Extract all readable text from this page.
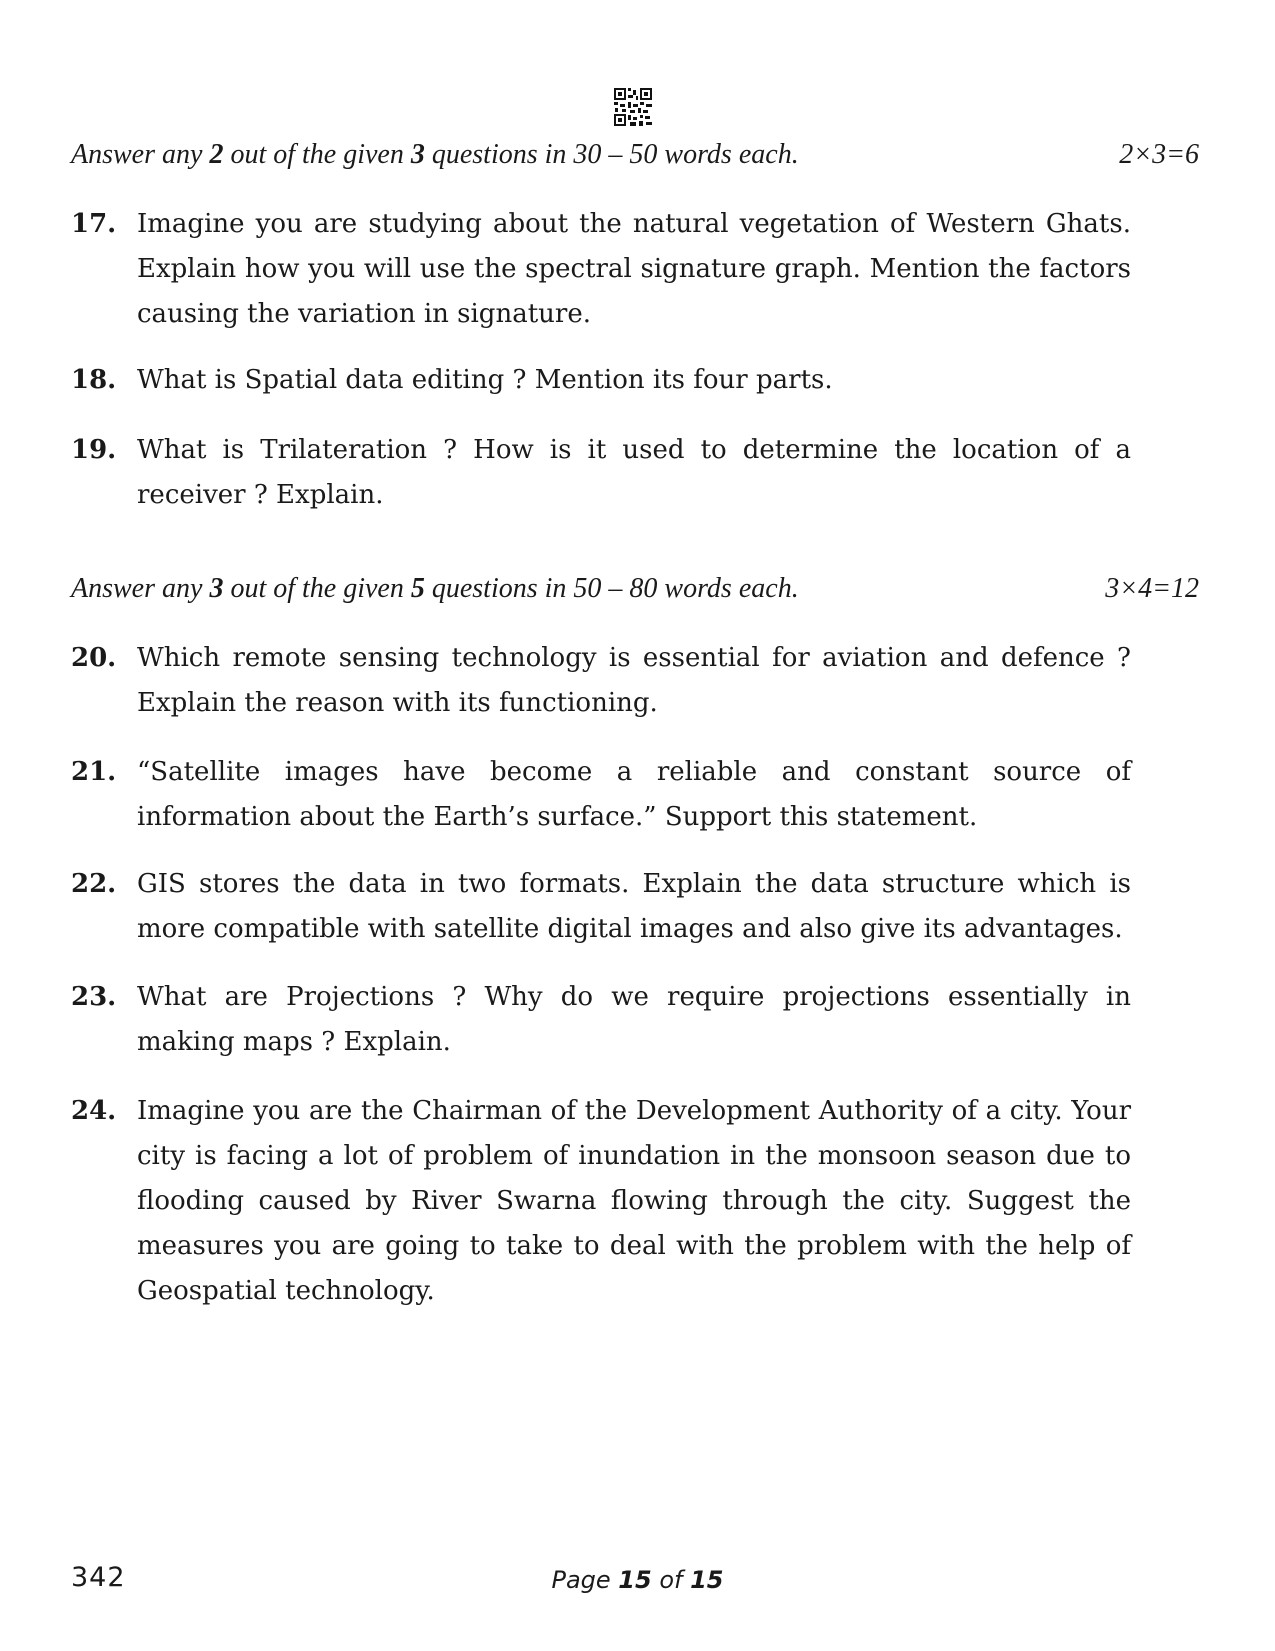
Answer any 2 out of the given 3 questions in 30 – 50 words each.	2×3=6
17. Imagine you are studying about the natural vegetation of Western Ghats. Explain how you will use the spectral signature graph. Mention the factors causing the variation in signature.
18. What is Spatial data editing ? Mention its four parts.
19. What is Trilateration ? How is it used to determine the location of a receiver ? Explain.
Answer any 3 out of the given 5 questions in 50 – 80 words each.	3×4=12
20. Which remote sensing technology is essential for aviation and defence ? Explain the reason with its functioning.
21. “Satellite images have become a reliable and constant source of information about the Earth’s surface.” Support this statement.
22. GIS stores the data in two formats. Explain the data structure which is more compatible with satellite digital images and also give its advantages.
23. What are Projections ? Why do we require projections essentially in making maps ? Explain.
24. Imagine you are the Chairman of the Development Authority of a city. Your city is facing a lot of problem of inundation in the monsoon season due to flooding caused by River Swarna flowing through the city. Suggest the measures you are going to take to deal with the problem with the help of Geospatial technology.
342	Page 15 of 15
